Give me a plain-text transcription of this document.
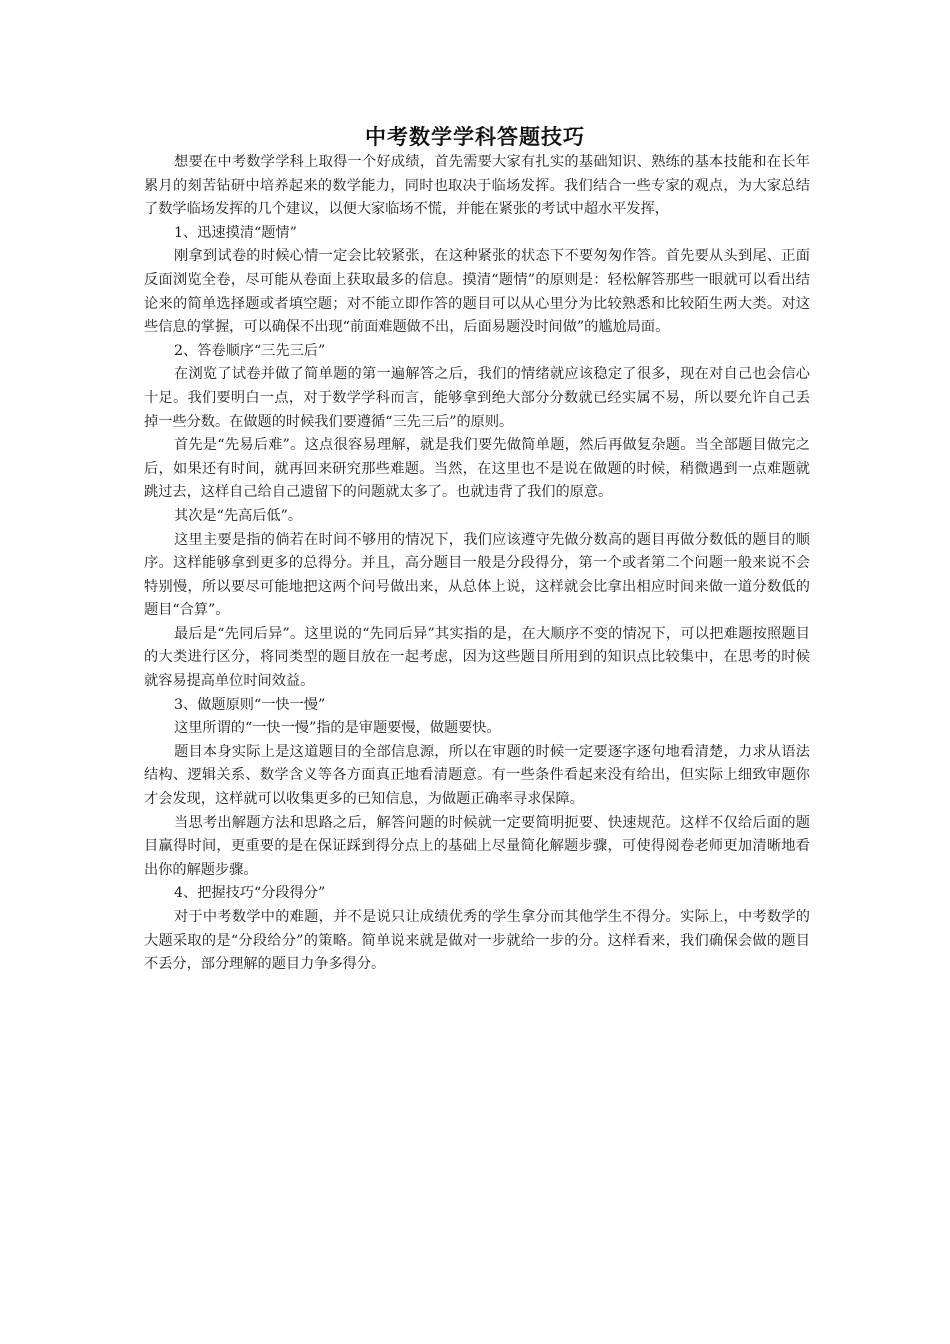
中考数学学科答题技巧

想要在中考数学学科上取得一个好成绩，首先需要大家有扎实的基础知识、熟练的基本技能和在长年累月的刻苦钻研中培养起来的数学能力，同时也取决于临场发挥。我们结合一些专家的观点，为大家总结了数学临场发挥的几个建议，以便大家临场不慌，并能在紧张的考试中超水平发挥，

1、迅速摸清“题情”

刚拿到试卷的时候心情一定会比较紧张，在这种紧张的状态下不要匆匆作答。首先要从头到尾、正面反面浏览全卷，尽可能从卷面上获取最多的信息。摸清“题情”的原则是：轻松解答那些一眼就可以看出结论来的简单选择题或者填空题；对不能立即作答的题目可以从心里分为比较熟悉和比较陌生两大类。对这些信息的掌握，可以确保不出现“前面难题做不出，后面易题没时间做”的尴尬局面。

2、答卷顺序“三先三后”

在浏览了试卷并做了简单题的第一遍解答之后，我们的情绪就应该稳定了很多，现在对自己也会信心十足。我们要明白一点，对于数学学科而言，能够拿到绝大部分分数就已经实属不易，所以要允许自己丢掉一些分数。在做题的时候我们要遵循“三先三后”的原则。

首先是“先易后难”。这点很容易理解，就是我们要先做简单题，然后再做复杂题。当全部题目做完之后，如果还有时间，就再回来研究那些难题。当然，在这里也不是说在做题的时候，稍微遇到一点难题就跳过去，这样自己给自己遗留下的问题就太多了。也就违背了我们的原意。

其次是“先高后低”。

这里主要是指的倘若在时间不够用的情况下，我们应该遵守先做分数高的题目再做分数低的题目的顺序。这样能够拿到更多的总得分。并且，高分题目一般是分段得分，第一个或者第二个问题一般来说不会特别慢，所以要尽可能地把这两个问号做出来，从总体上说，这样就会比拿出相应时间来做一道分数低的题目“合算”。

最后是“先同后异”。这里说的“先同后异”其实指的是，在大顺序不变的情况下，可以把难题按照题目的大类进行区分，将同类型的题目放在一起考虑，因为这些题目所用到的知识点比较集中，在思考的时候就容易提高单位时间效益。

3、做题原则“一快一慢”

这里所谓的“一快一慢”指的是审题要慢，做题要快。

题目本身实际上是这道题目的全部信息源，所以在审题的时候一定要逐字逐句地看清楚，力求从语法结构、逻辑关系、数学含义等各方面真正地看清题意。有一些条件看起来没有给出，但实际上细致审题你才会发现，这样就可以收集更多的已知信息，为做题正确率寻求保障。

当思考出解题方法和思路之后，解答问题的时候就一定要简明扼要、快速规范。这样不仅给后面的题目赢得时间，更重要的是在保证踩到得分点上的基础上尽量简化解题步骤，可使得阅卷老师更加清晰地看出你的解题步骤。

4、把握技巧“分段得分”

对于中考数学中的难题，并不是说只让成绩优秀的学生拿分而其他学生不得分。实际上，中考数学的大题采取的是“分段给分”的策略。简单说来就是做对一步就给一步的分。这样看来，我们确保会做的题目不丢分，部分理解的题目力争多得分。
